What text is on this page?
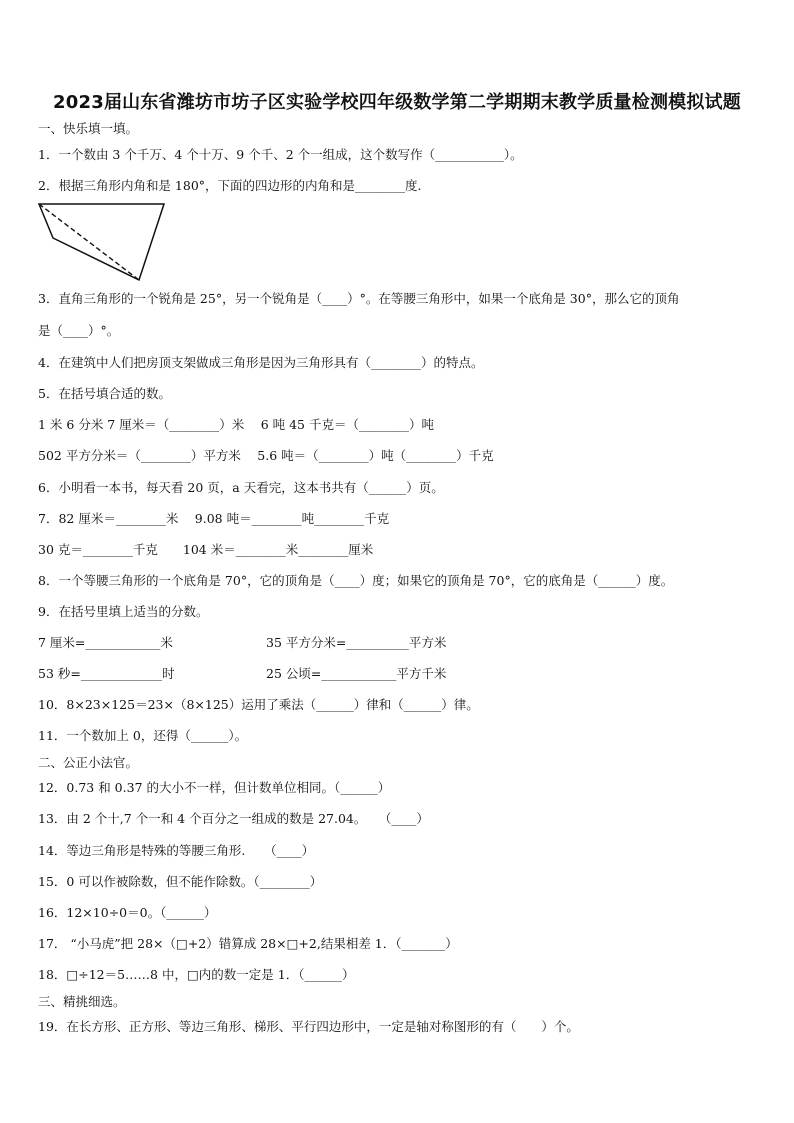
2023届山东省潍坊市坊子区实验学校四年级数学第二学期期末教学质量检测模拟试题
一、快乐填一填。
1．一个数由 3 个千万、4 个十万、9 个千、2 个一组成，这个数写作（___________）。
2．根据三角形内角和是 180°，下面的四边形的内角和是________度.
3．直角三角形的一个锐角是 25°，另一个锐角是（____）°。在等腰三角形中，如果一个底角是 30°，那么它的顶角
是（____）°。
4．在建筑中人们把房顶支架做成三角形是因为三角形具有（________）的特点。
5．在括号填合适的数。
1 米 6 分米 7 厘米＝（________）米　 6 吨 45 千克＝（________）吨
502 平方分米＝（________）平方米　 5.6 吨＝（________）吨（________）千克
6．小明看一本书，每天看 20 页，a 天看完，这本书共有（______）页。
7．82 厘米＝________米　 9.08 吨＝________吨________千克
30 克＝________千克　　104 米＝________米________厘米
8．一个等腰三角形的一个底角是 70°，它的顶角是（____）度；如果它的顶角是 70°，它的底角是（______）度。
9．在括号里填上适当的分数。
7 厘米=____________米	35 平方分米=__________平方米
53 秒=_____________时	25 公顷=____________平方千米
10．8×23×125＝23×（8×125）运用了乘法（______）律和（______）律。
11．一个数加上 0，还得（______）。
二、公正小法官。
12．0.73 和 0.37 的大小不一样，但计数单位相同。（______）
13．由 2 个十,7 个一和 4 个百分之一组成的数是 27.04。　　（____）
14．等边三角形是特殊的等腰三角形.　　（____）
15．0 可以作被除数，但不能作除数。（________）
16．12×10÷0＝0。（______）
17． “小马虎”把 28×（□+2）错算成 28×□+2,结果相差 1．（_______）
18．□÷12＝5……8 中，□内的数一定是 1．（______）
三、精挑细选。
19．在长方形、正方形、等边三角形、梯形、平行四边形中，一定是轴对称图形的有（　　）个。
